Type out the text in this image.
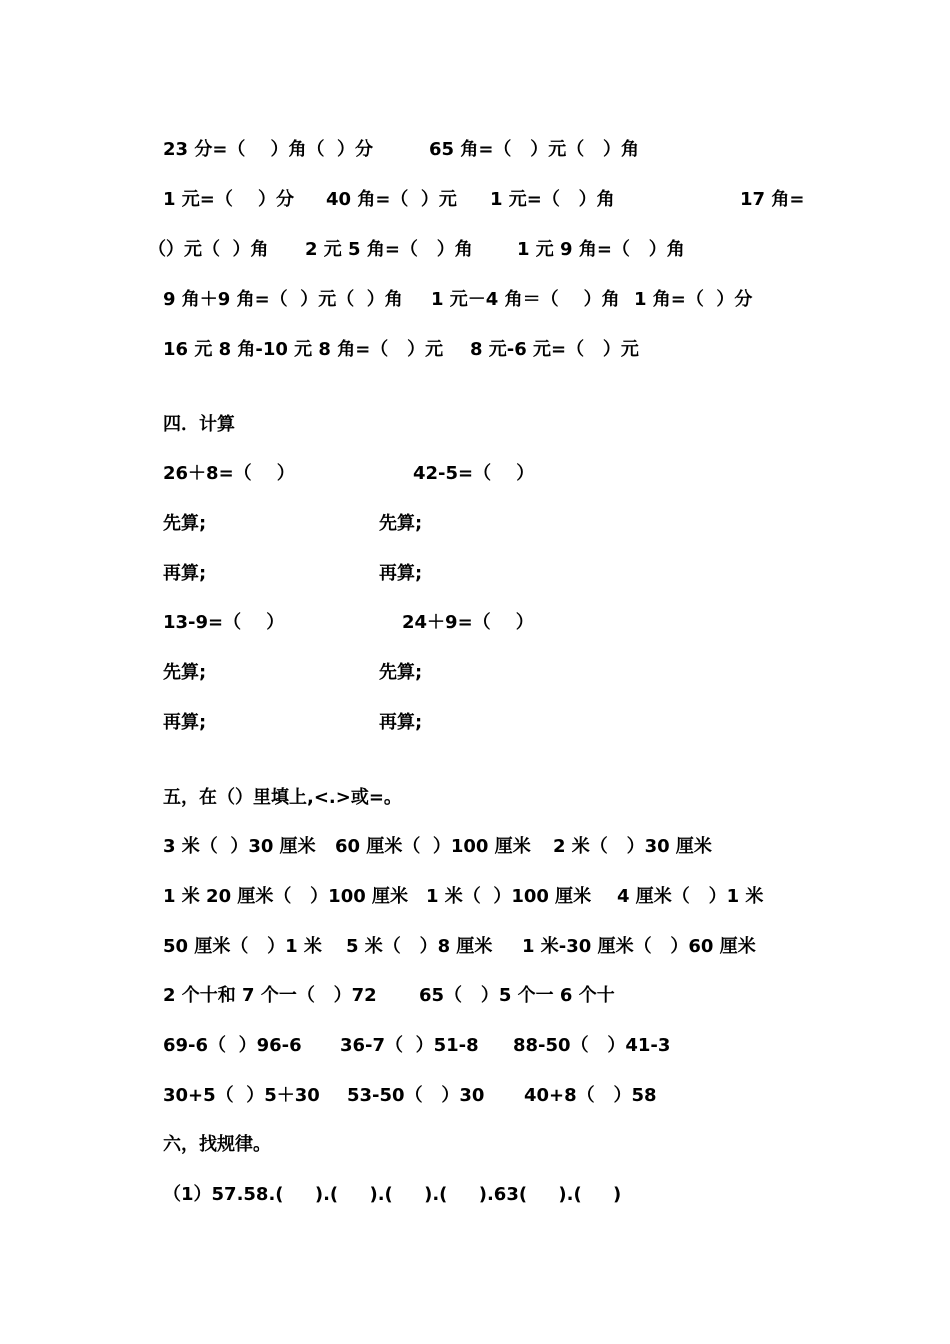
23 分=（    ）角（  ）分	65 角=（   ）元（   ）角
1 元=（    ）分 40 角=（  ）元 1 元=（   ）角	17 角=
（）元（  ）角 2 元 5 角=（   ）角 1 元 9 角=（   ）角
9 角＋9 角=（  ）元（  ）角 1 元－4 角＝（    ）角 1 角=（  ）分
16 元 8 角-10 元 8 角=（   ）元 8 元-6 元=（   ）元
四．计算
26＋8=（    ）	42-5=（    ）
先算;	先算;
再算;	再算;
13-9=（    ）	24＋9=（    ）
先算;	先算;
再算;	再算;
五，在（）里填上,<.>或=。
3 米（  ）30 厘米 60 厘米（  ）100 厘米 2 米（   ）30 厘米
1 米 20 厘米（   ）100 厘米 1 米（  ）100 厘米 4 厘米（   ）1 米
50 厘米（   ）1 米 5 米（   ）8 厘米 1 米-30 厘米（   ）60 厘米
2 个十和 7 个一（   ）72 65（   ）5 个一 6 个十
69-6（  ）96-6 36-7（  ）51-8 88-50（   ）41-3
30+5（  ）5＋30 53-50（   ）30 40+8（   ）58
六，找规律。
（1）57.58.(     ).(     ).(     ).(     ).63(     ).(     )
